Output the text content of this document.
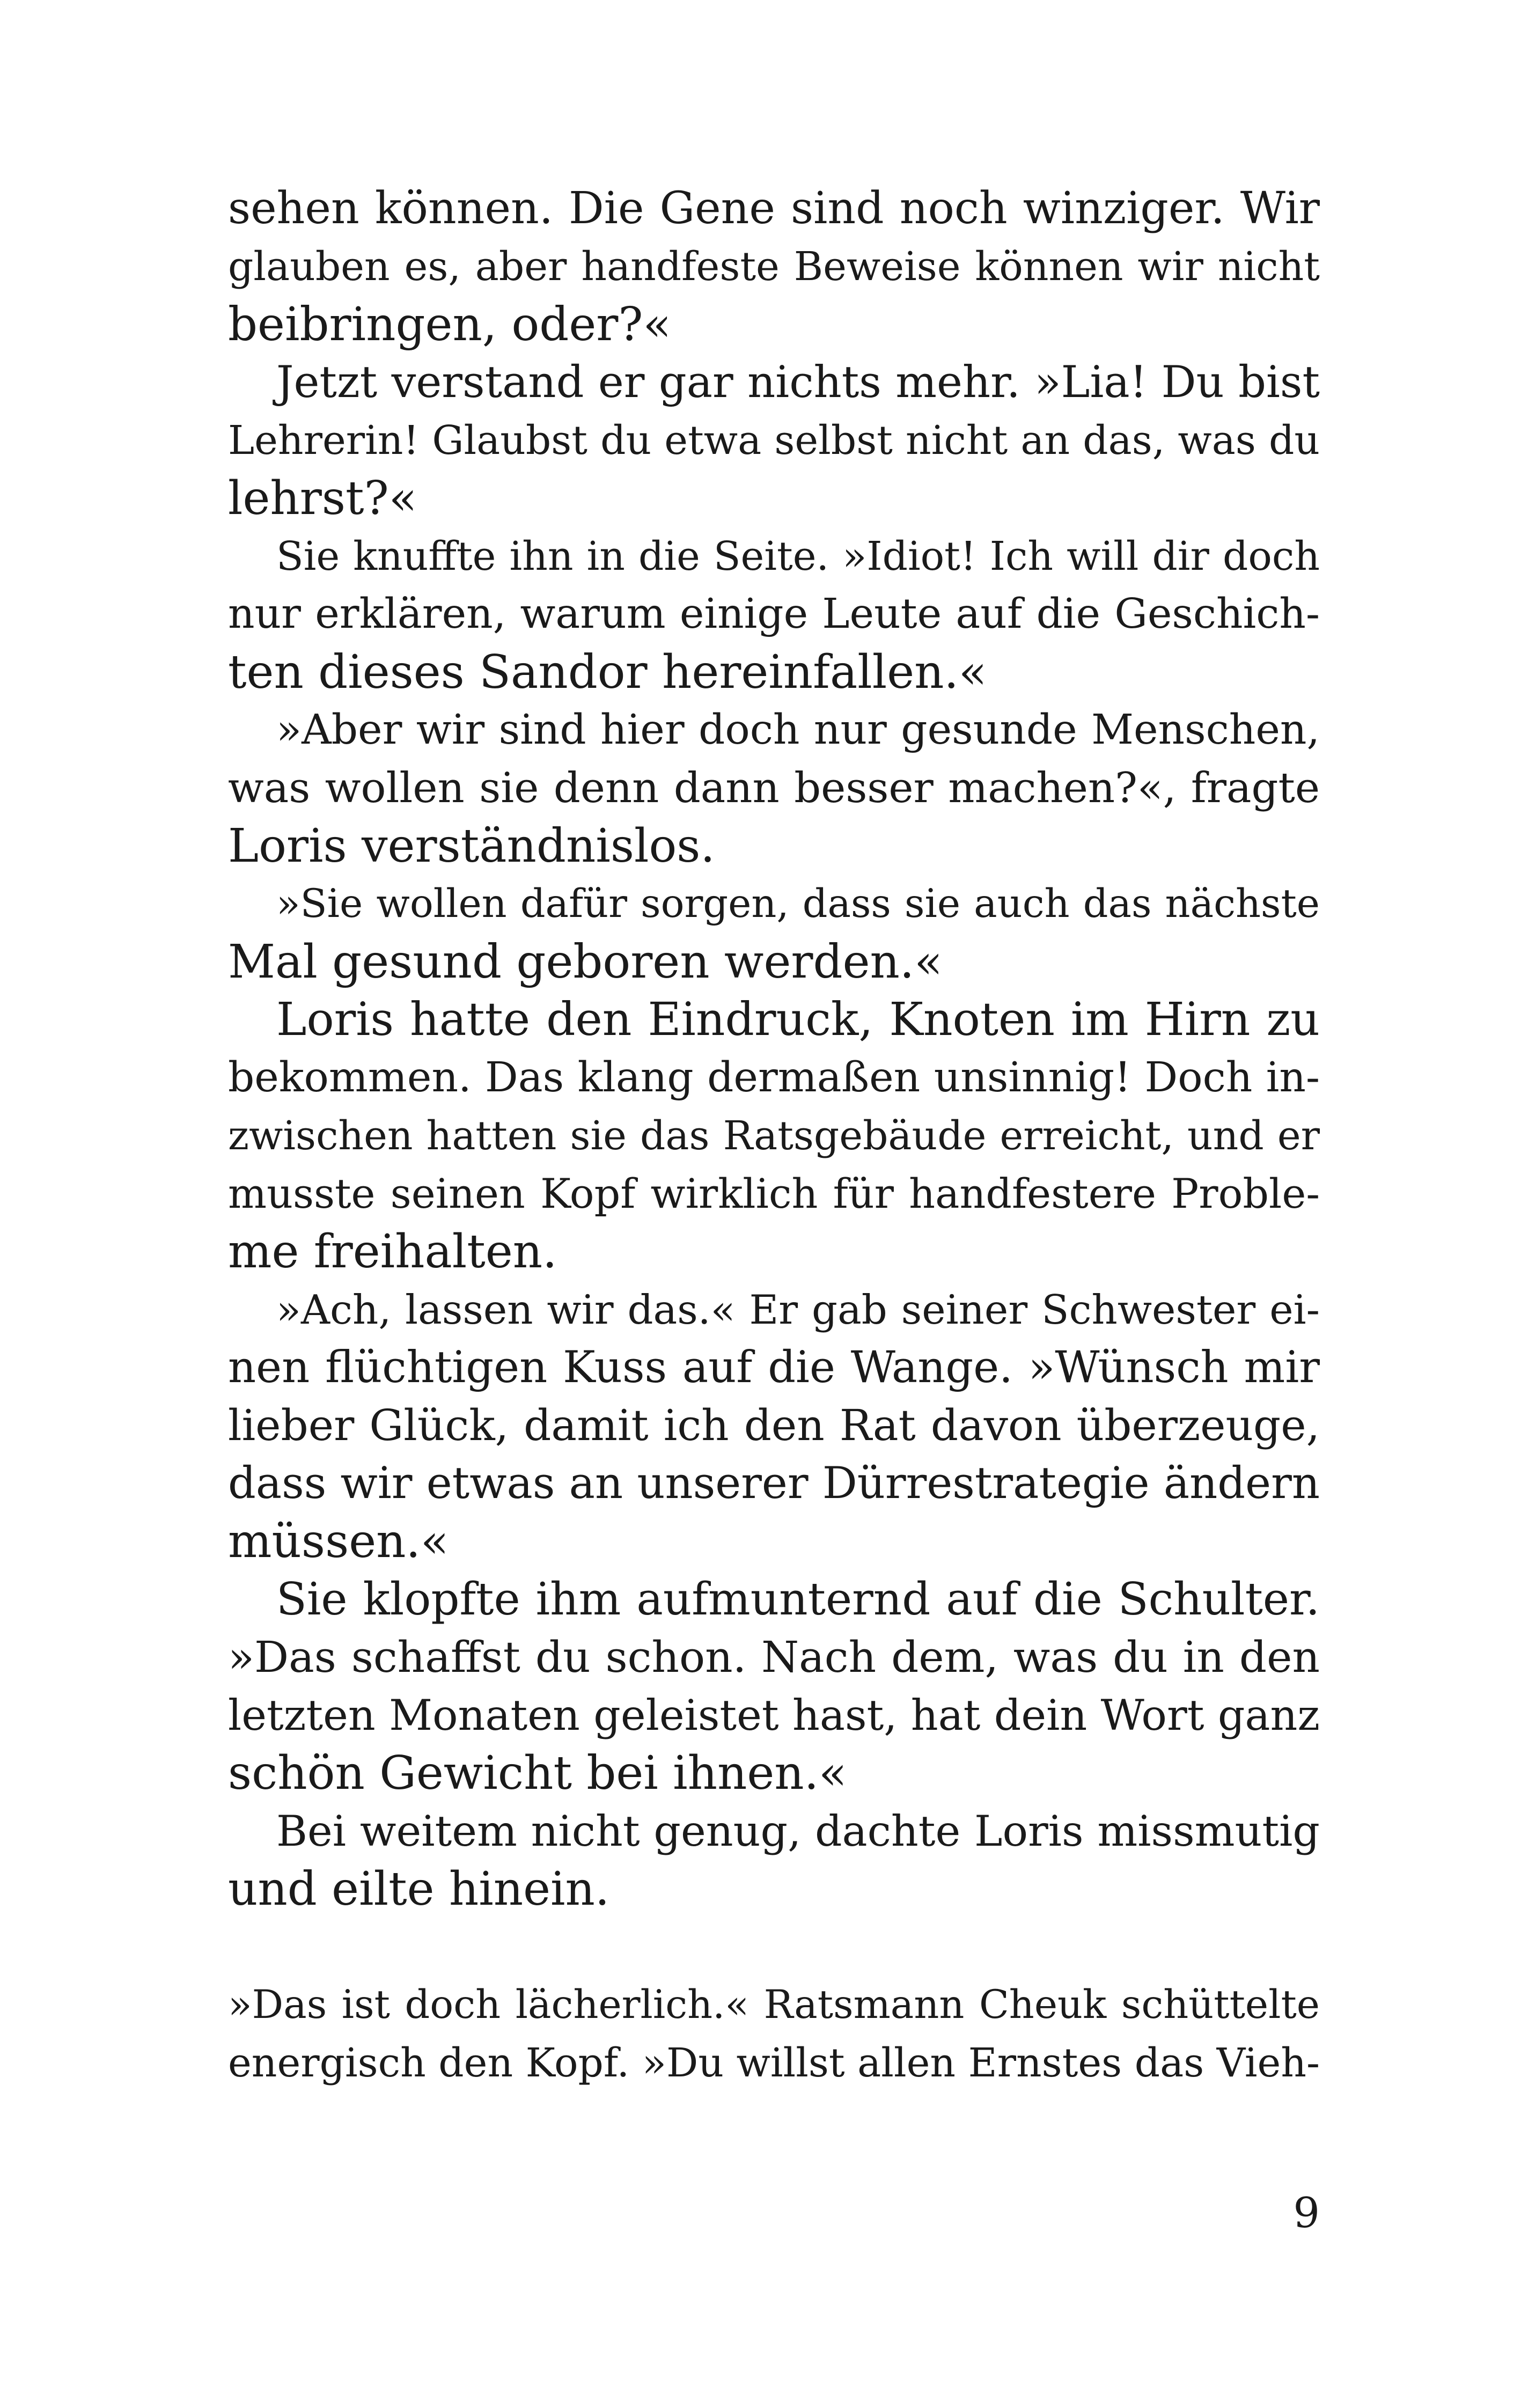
sehen können. Die Gene sind noch winziger. Wir
glauben es, aber handfeste Beweise können wir nicht
beibringen, oder?«
Jetzt verstand er gar nichts mehr. »Lia! Du bist
Lehrerin! Glaubst du etwa selbst nicht an das, was du
lehrst?«
Sie knuffte ihn in die Seite. »Idiot! Ich will dir doch
nur erklären, warum einige Leute auf die Geschich-
ten dieses Sandor hereinfallen.«
»Aber wir sind hier doch nur gesunde Menschen,
was wollen sie denn dann besser machen?«, fragte
Loris verständnislos.
»Sie wollen dafür sorgen, dass sie auch das nächste
Mal gesund geboren werden.«
Loris hatte den Eindruck, Knoten im Hirn zu
bekommen. Das klang dermaßen unsinnig! Doch in-
zwischen hatten sie das Ratsgebäude erreicht, und er
musste seinen Kopf wirklich für handfestere Proble-
me freihalten.
»Ach, lassen wir das.« Er gab seiner Schwester ei-
nen flüchtigen Kuss auf die Wange. »Wünsch mir
lieber Glück, damit ich den Rat davon überzeuge,
dass wir etwas an unserer Dürrestrategie ändern
müssen.«
Sie klopfte ihm aufmunternd auf die Schulter.
»Das schaffst du schon. Nach dem, was du in den
letzten Monaten geleistet hast, hat dein Wort ganz
schön Gewicht bei ihnen.«
Bei weitem nicht genug, dachte Loris missmutig
und eilte hinein.
»Das ist doch lächerlich.« Ratsmann Cheuk schüttelte
energisch den Kopf. »Du willst allen Ernstes das Vieh-
9
